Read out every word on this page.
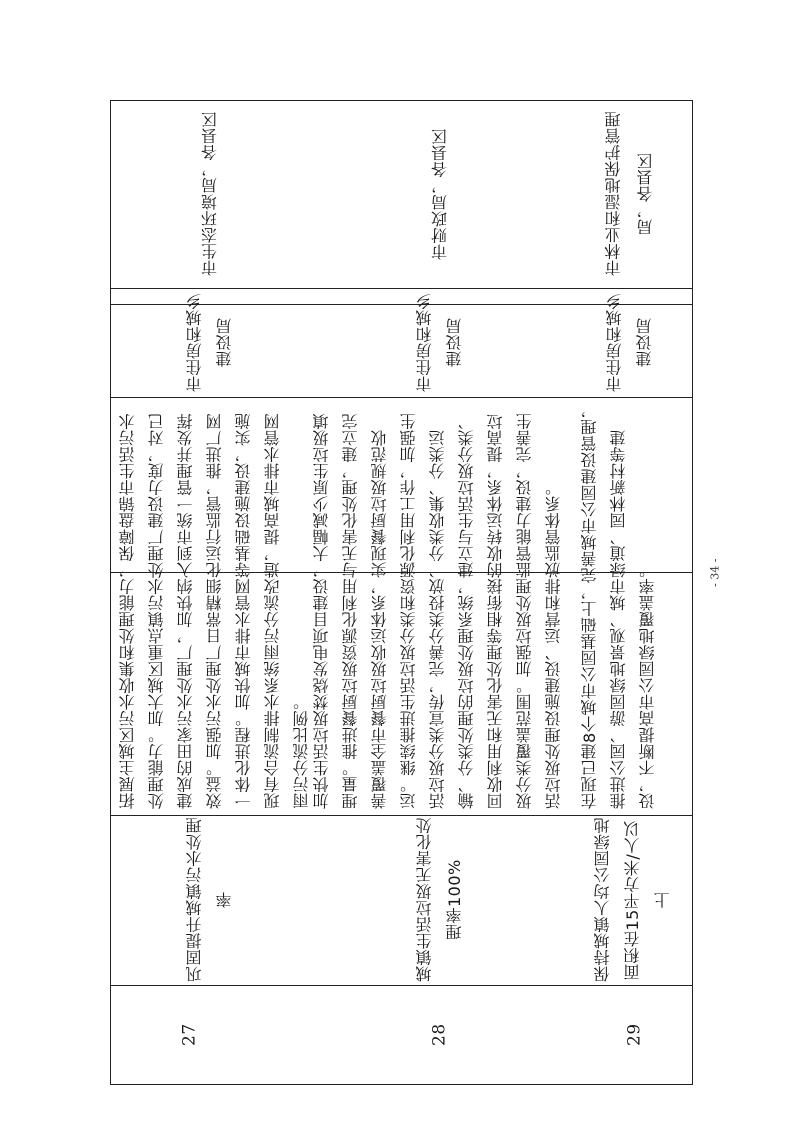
27
巩固提升城镇污水处理率
拓展主城区污水收集和处理能力，保障盘锦市生活污水处理能力。加大城区重点镇污水处理厂建设力度，对已建成的田家污水处理厂，加快纳入到市统一管理并发挥效益。加强污水处理厂日常精细化运行监管，推进厂网一体化进程。加快城市排水管网等基础设施建设，实施现有合流制排水系统雨污分流改造，提高城市排水管网雨污分流比例。
市住房和城乡建设局
市生态环境局，各县区
28
城镇生活垃圾无害化处理率100%
加快生活垃圾焚烧发电项目建设，大幅减少原生垃圾填埋量。推进餐厨垃圾资源化利用与无害化处理，建立完善覆盖全市餐厨垃圾收运体系，实现餐厨垃圾规范收运。继续推进生活垃圾分类和资源化利用工作，加强生活垃圾分类宣传，完善分类投放、分类收集、分类运输、分类处理的垃圾处理系统，建立与生活垃圾分类、回收利用和无害化处理等相衔接的收转运体系，提高垃圾分类覆盖范围。加强垃圾处理监管能力建设，完善生活垃圾处理设施建设、运营和排放监管体系。
市住房和城乡建设局
市财政局，各县区
29
保持城镇人均公园绿地面积在15平方米/人以上
在现已建8个城市公园基础上，完善城市公园建设管理，推进公园、游园绿地景观、城市绿道、园林新村等建设，不断提高市公园绿地覆盖率。
市住房和城乡建设局
市林业和湿地保护管理局，各县区
- 34 -
